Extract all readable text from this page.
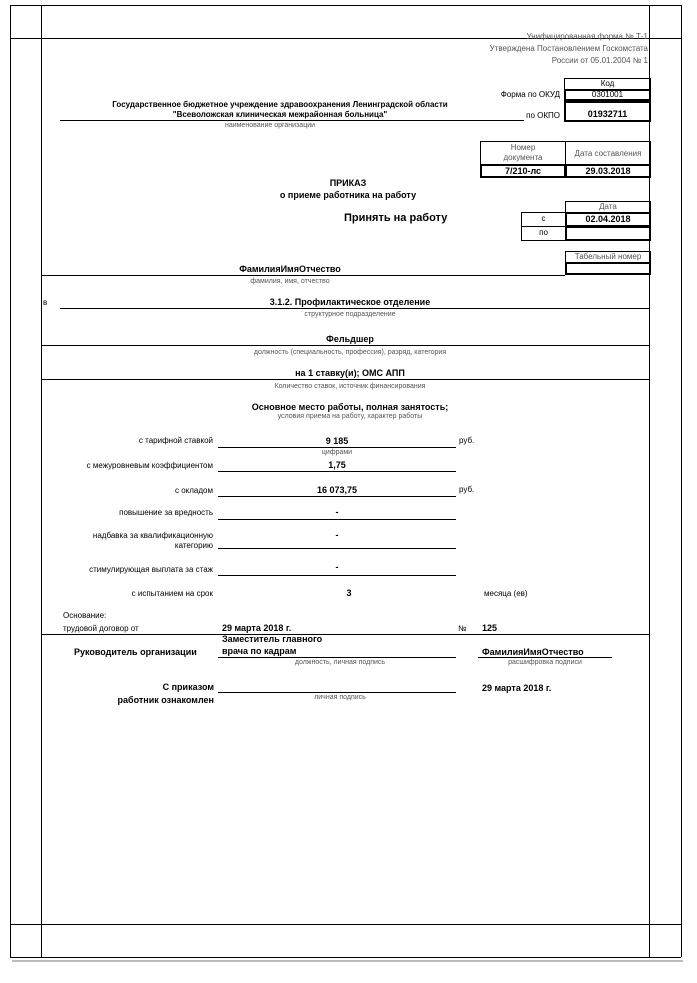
Унифицированная форма № Т-1
Утверждена Постановлением Госкомстата
России от 05.01.2004 № 1
Код
Форма по ОКУД	0301001
по ОКПО	01932711
Государственное бюджетное учреждение здравоохранения Ленинградской области
"Всеволожская клиническая межрайонная больница"
наименование организации
Номер
документа	Дата составления
7/210-лс	29.03.2018
ПРИКАЗ
о приеме работника на работу
Принять на работу
Дата
с	02.04.2018
по
Табельный номер
ФамилияИмяОтчество
фамилия, имя, отчество
в	3.1.2. Профилактическое отделение
структурное подразделение
Фельдшер
должность (специальность, профессия), разряд, категория
на 1 ставку(и); ОМС АПП
Количество ставок, источник финансирования
Основное место работы, полная занятость;
условия приема на работу, характер работы
с тарифной ставкой	9 185
цифрами
руб.
с межуровневым коэффициентом	1,75
с окладом	16 073,75	руб.
повышение за вредность	-
надбавка за квалификационную
категорию
-
стимулирующая выплата за стаж	-
с испытанием на срок	3	месяца (ев)
Основание:
трудовой договор от	29 марта 2018 г.	№ 125
Руководитель организации
Заместитель главного
врача по кадрам
должность, личная подпись
ФамилияИмяОтчество
расшифровка подписи
С приказом
работник ознакомлен	личная подпись
29 марта 2018 г.
